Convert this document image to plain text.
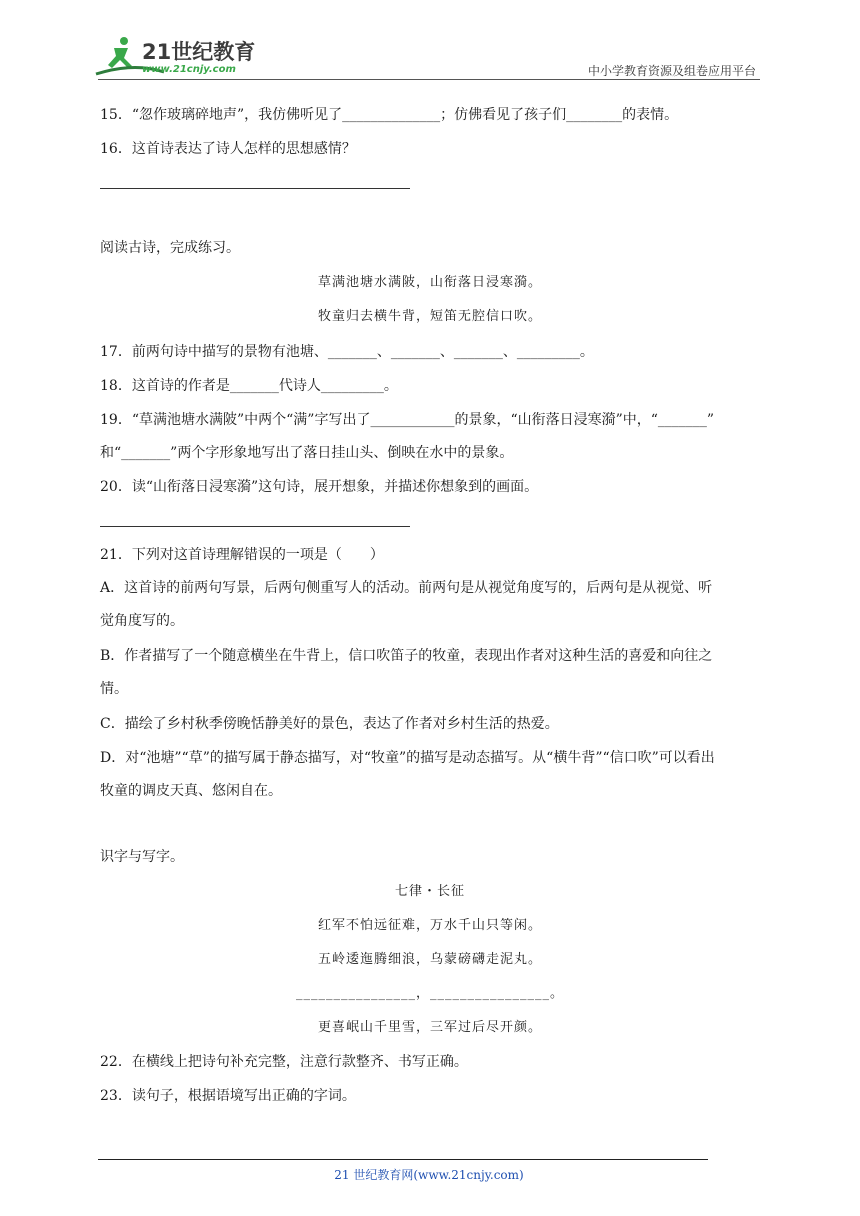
21世纪教育
www.21cnjy.com	中小学教育资源及组卷应用平台
15．“忽作玻璃碎地声”，我仿佛听见了______________；仿佛看见了孩子们________的表情。
16．这首诗表达了诗人怎样的思想感情？
阅读古诗，完成练习。
草满池塘水满陂，山衔落日浸寒漪。
牧童归去横牛背，短笛无腔信口吹。
17．前两句诗中描写的景物有池塘、_______、_______、_______、_________。
18．这首诗的作者是_______代诗人_________。
19．“草满池塘水满陂”中两个“满”字写出了____________的景象，“山衔落日浸寒漪”中，“_______”
和“_______”两个字形象地写出了落日挂山头、倒映在水中的景象。
20．读“山衔落日浸寒漪”这句诗，展开想象，并描述你想象到的画面。
21．下列对这首诗理解错误的一项是（　　）
A．这首诗的前两句写景，后两句侧重写人的活动。前两句是从视觉角度写的，后两句是从视觉、听
觉角度写的。
B．作者描写了一个随意横坐在牛背上，信口吹笛子的牧童，表现出作者对这种生活的喜爱和向往之
情。
C．描绘了乡村秋季傍晚恬静美好的景色，表达了作者对乡村生活的热爱。
D．对“池塘”“草”的描写属于静态描写，对“牧童”的描写是动态描写。从“横牛背”“信口吹”可以看出
牧童的调皮天真、悠闲自在。
识字与写字。
七律・长征
红军不怕远征难，万水千山只等闲。
五岭逶迤腾细浪，乌蒙磅礴走泥丸。
________________，________________。
更喜岷山千里雪，三军过后尽开颜。
22．在横线上把诗句补充完整，注意行款整齐、书写正确。
23．读句子，根据语境写出正确的字词。
21 世纪教育网(www.21cnjy.com)
